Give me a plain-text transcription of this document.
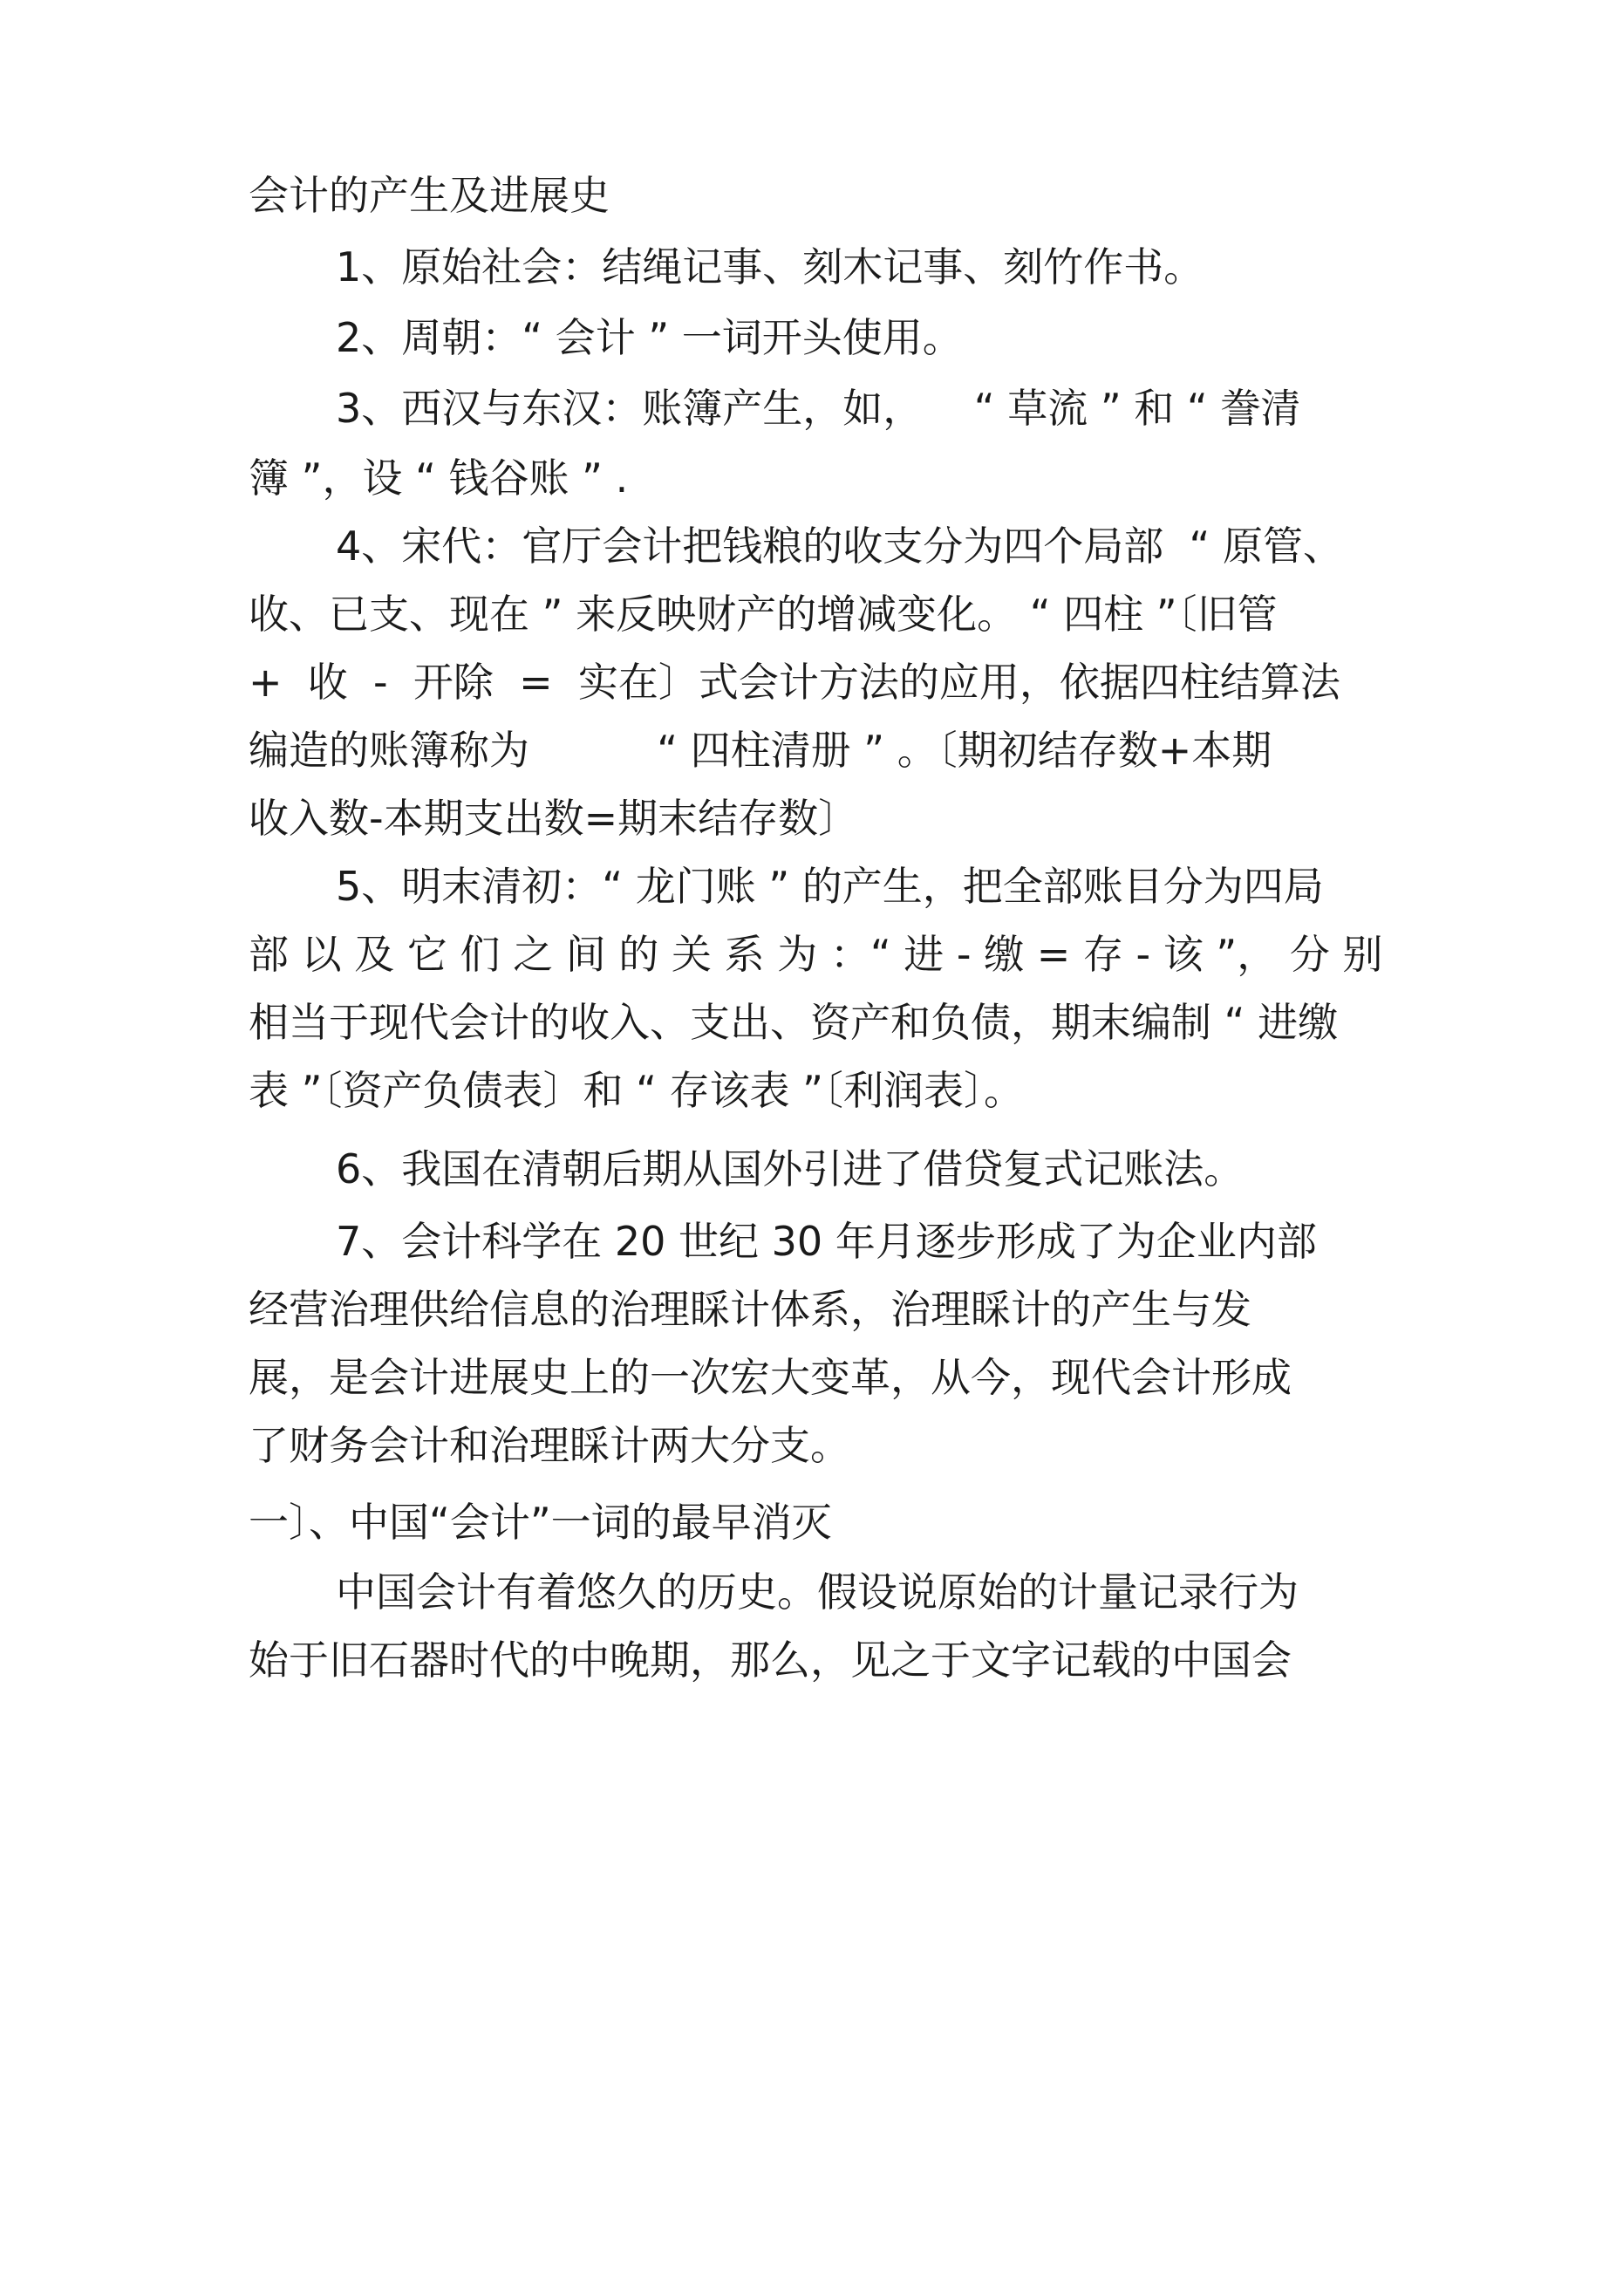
会计的产生及进展史
1、原始社会：结绳记事、刻木记事、刻竹作书。
2、周朝：“ 会计 ” 一词开头使用。
3、西汉与东汉：账簿产生，如，    “ 草流 ” 和 “ 誊清
簿 ”，设 “ 钱谷账 ” .
4、宋代：官厅会计把钱粮的收支分为四个局部  “ 原管、
收、已支、现在 ” 来反映财产的增减变化。 “ 四柱 ”〔旧管
+  收  -  开除  =  实在〕式会计方法的应用，依据四柱结算法
编造的账簿称为          “ 四柱清册 ” 。〔期初结存数+本期
收入数-本期支出数=期末结存数〕
5、明末清初：“ 龙门账 ” 的产生，把全部账目分为四局
部 以 及 它 们 之 间 的 关 系 为 ：“ 进 - 缴 = 存 - 该 ”， 分 别
相当于现代会计的收入、支出、资产和负债，期末编制 “ 进缴
表 ”〔资产负债表〕和 “ 存该表 ”〔利润表〕。
6、我国在清朝后期从国外引进了借贷复式记账法。
7、会计科学在 20 世纪 30 年月逐步形成了为企业内部
经营治理供给信息的治理睬计体系，治理睬计的产生与发
展，是会计进展史上的一次宏大变革，从今，现代会计形成
了财务会计和治理睬计两大分支。
一〕、中国“会计”一词的最早消灭
中国会计有着悠久的历史。假设说原始的计量记录行为
始于旧石器时代的中晚期，那么，见之于文字记载的中国会
